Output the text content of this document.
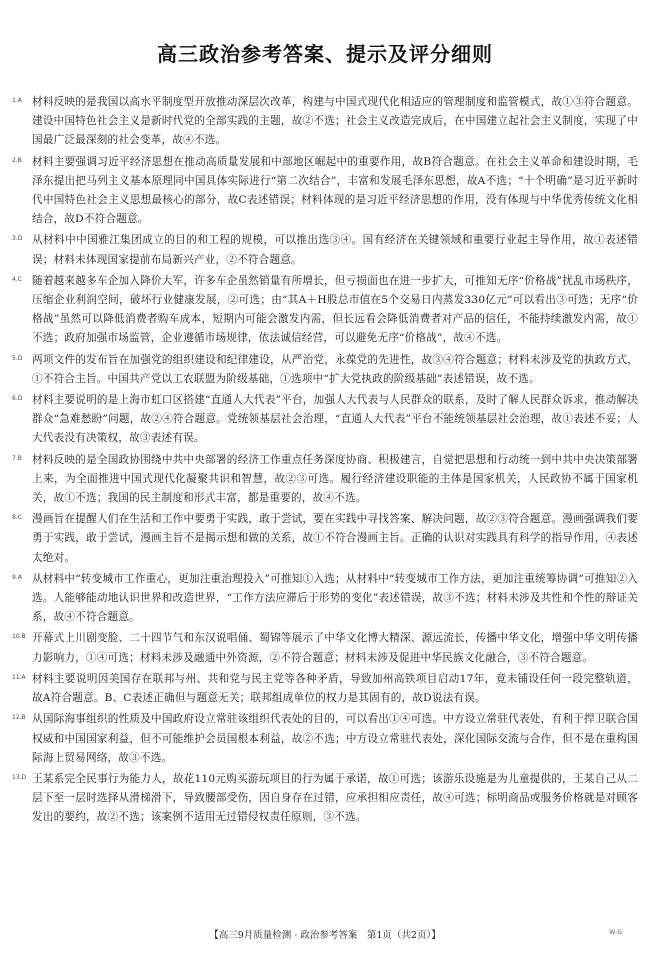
高三政治参考答案、提示及评分细则
1.A 材料反映的是我国以高水平制度型开放推动深层次改革，构建与中国式现代化相适应的管理制度和监管模式，故①③符合题意。建设中国特色社会主义是新时代党的全部实践的主题，故②不选；社会主义改造完成后，在中国建立起社会主义制度，实现了中国最广泛最深刻的社会变革，故④不选。

2.B 材料主要强调习近平经济思想在推动高质量发展和中部地区崛起中的重要作用，故B符合题意。在社会主义革命和建设时期，毛泽东提出把马列主义基本原理同中国具体实际进行“第二次结合”，丰富和发展毛泽东思想，故A不选；“十个明确”是习近平新时代中国特色社会主义思想最核心的部分，故C表述错误；材料体现的是习近平经济思想的作用，没有体现与中华优秀传统文化相结合，故D不符合题意。

3.D 从材料中中国雅江集团成立的目的和工程的规模，可以推出选③④。国有经济在关键领域和重要行业起主导作用，故①表述错误；材料未体现国家提前布局新兴产业，②不符合题意。

4.C 随着越来越多车企加入降价大军，许多车企虽然销量有所增长，但亏损面也在进一步扩大，可推知无序“价格战”扰乱市场秩序，压缩企业利润空间，破坏行业健康发展，②可选；由“其A＋H股总市值在5个交易日内蒸发330亿元”可以看出③可选；无序“价格战”虽然可以降低消费者购车成本，短期内可能会激发内需，但长远看会降低消费者对产品的信任，不能持续激发内需，故①不选；政府加强市场监管，企业遵循市场规律，依法诚信经营，可以避免无序“价格战”，故④不选。

5.D 两项文件的发布旨在加强党的组织建设和纪律建设，从严治党，永葆党的先进性，故③④符合题意；材料未涉及党的执政方式，①不符合主旨。中国共产党以工农联盟为阶级基础，①选项中“扩大党执政的阶级基础”表述错误，故不选。

6.D 材料主要说明的是上海市虹口区搭建“直通人大代表”平台，加强人大代表与人民群众的联系，及时了解人民群众诉求，推动解决群众“急难愁盼”问题，故②④符合题意。党统领基层社会治理，“直通人大代表”平台不能统领基层社会治理，故①表述不妥；人大代表没有决策权，故③表述有误。

7.B 材料反映的是全国政协围绕中共中央部署的经济工作重点任务深度协商、积极建言，自觉把思想和行动统一到中共中央决策部署上来，为全面推进中国式现代化凝聚共识和智慧，故②③可选。履行经济建设职能的主体是国家机关，人民政协不属于国家机关，故①不选；我国的民主制度和形式丰富，都是重要的，故④不选。

8.C 漫画旨在提醒人们在生活和工作中要勇于实践，敢于尝试，要在实践中寻找答案、解决问题，故②③符合题意。漫画强调我们要勇于实践，敢于尝试，漫画主旨不是揭示想和做的关系，故①不符合漫画主旨。正确的认识对实践具有科学的指导作用，④表述太绝对。

9.A 从材料中“转变城市工作重心，更加注重治理投入”可推知①入选；从材料中“转变城市工作方法，更加注重统筹协调”可推知②入选。人能够能动地认识世界和改造世界，“工作方法应滞后于形势的变化”表述错误，故③不选；材料未涉及共性和个性的辩证关系，故④不符合题意。

10.B 开幕式上川剧变脸、二十四节气和东汉说唱俑、蜀锦等展示了中华文化博大精深、源远流长，传播中华文化，增强中华文明传播力影响力，①④可选；材料未涉及融通中外资源，②不符合题意；材料未涉及促进中华民族文化融合，③不符合题意。

11.A 材料主要说明因美国存在联邦与州、共和党与民主党等各种矛盾，导致加州高铁项目启动17年，竟未铺设任何一段完整轨道，故A符合题意。B、C表述正确但与题意无关；联邦组成单位的权力是其固有的，故D说法有误。

12.B 从国际海事组织的性质及中国政府设立常驻该组织代表处的目的，可以看出①④可选。中方设立常驻代表处，有利于捍卫联合国权威和中国国家利益，但不可能维护会员国根本利益，故②不选；中方设立常驻代表处，深化国际交流与合作，但不是在重构国际海上贸易网络，故③不选。

13.D 王某系完全民事行为能力人，故花110元购买游玩项目的行为属于承诺，故①可选；该游乐设施是为儿童提供的，王某自己从二层下至一层时选择从滑梯滑下，导致腰部受伤，因自身存在过错，应承担相应责任，故④可选；标明商品或服务价格就是对顾客发出的要约，故②不选；该案例不适用无过错侵权责任原则，③不选。

【高三9月质量检测 · 政治参考答案　第1页（共2页）】	W-G
